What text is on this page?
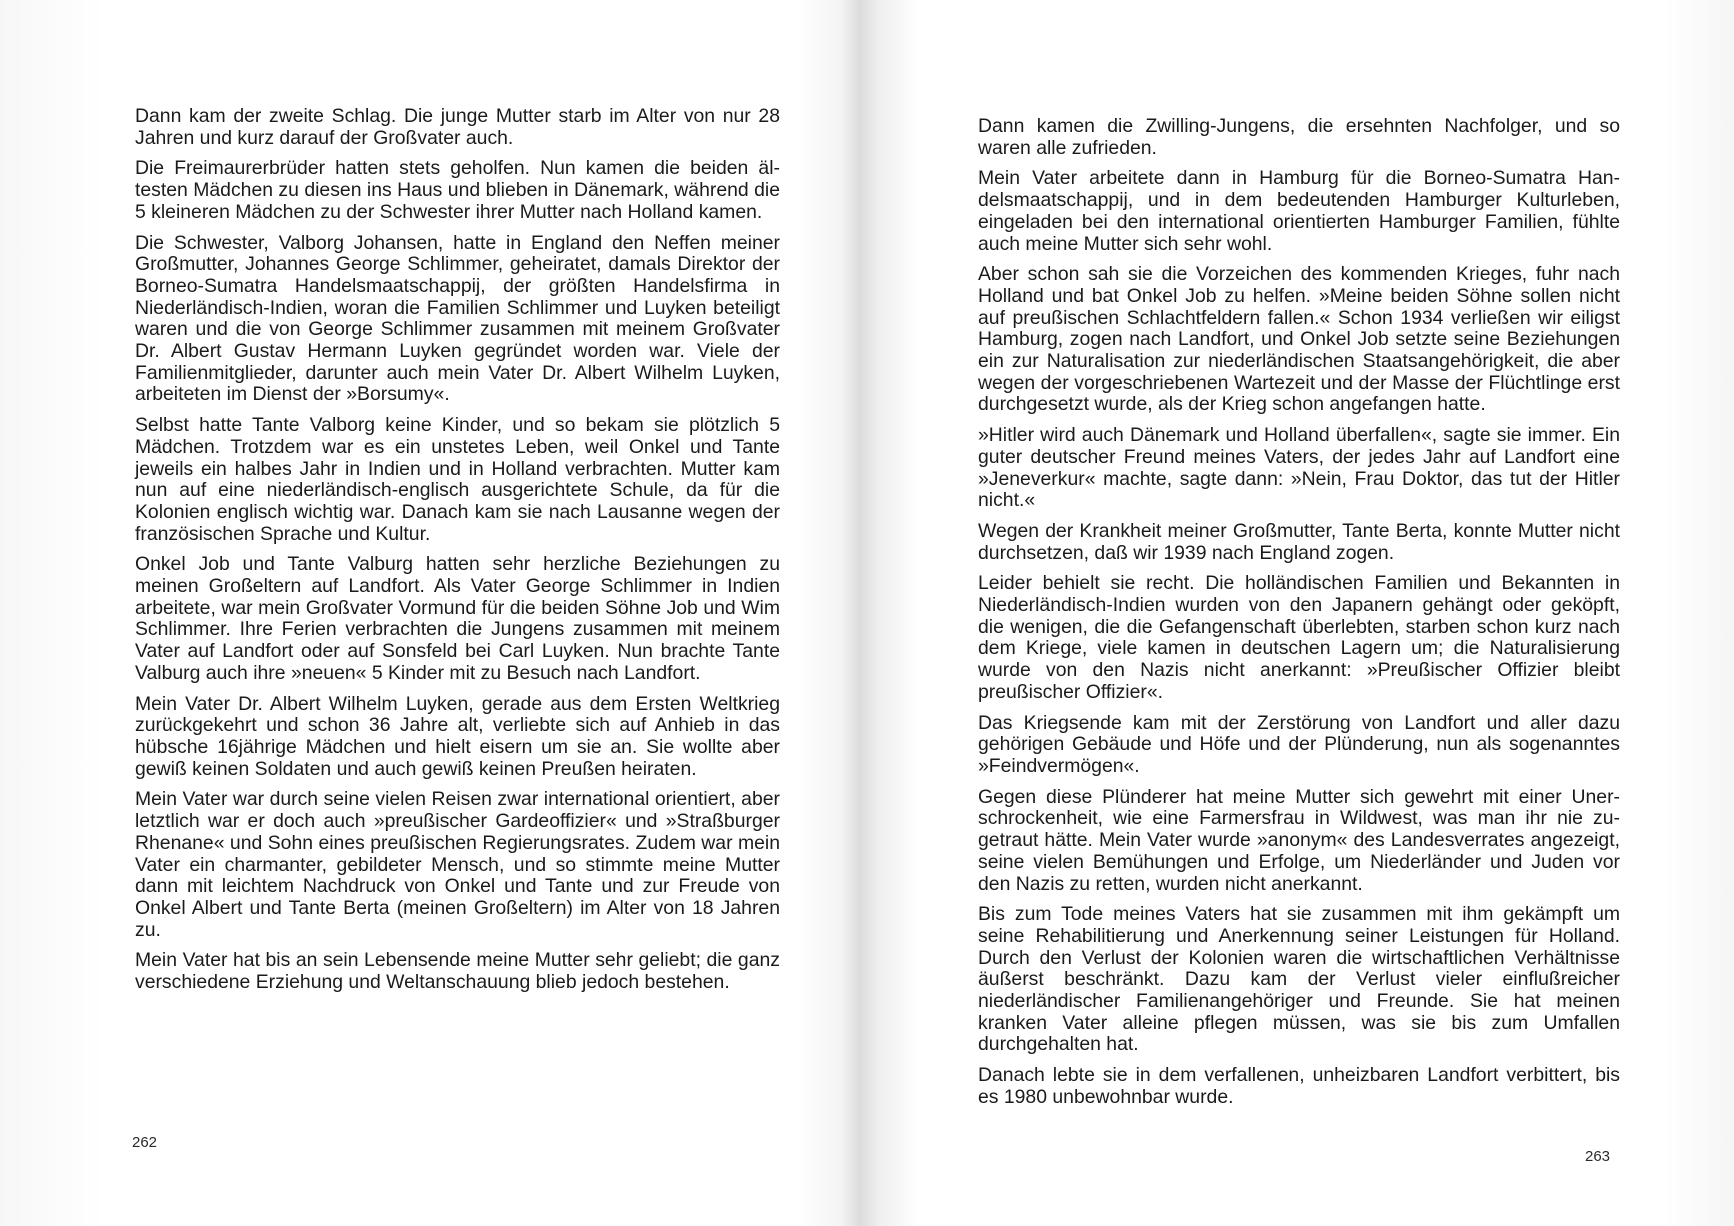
Dann kam der zweite Schlag. Die junge Mutter starb im Alter von nur 28 Jahren und kurz darauf der Großvater auch.

Die Freimaurerbrüder hatten stets geholfen. Nun kamen die beiden ältesten Mädchen zu diesen ins Haus und blieben in Dänemark, während die 5 kleineren Mädchen zu der Schwester ihrer Mutter nach Holland kamen.

Die Schwester, Valborg Johansen, hatte in England den Neffen meiner Großmutter, Johannes George Schlimmer, geheiratet, damals Direktor der Borneo-Sumatra Handelsmaatschappij, der größten Handelsfirma in Niederländisch-Indien, woran die Familien Schlimmer und Luyken beteiligt waren und die von George Schlimmer zusammen mit meinem Großvater Dr. Albert Gustav Hermann Luyken gegründet worden war. Viele der Familienmitglieder, darunter auch mein Vater Dr. Albert Wilhelm Luyken, arbeiteten im Dienst der »Borsumy«.

Selbst hatte Tante Valborg keine Kinder, und so bekam sie plötzlich 5 Mädchen. Trotzdem war es ein unstetes Leben, weil Onkel und Tante jeweils ein halbes Jahr in Indien und in Holland verbrachten. Mutter kam nun auf eine niederländisch-englisch ausgerichtete Schule, da für die Kolonien englisch wichtig war. Danach kam sie nach Lausanne wegen der französischen Sprache und Kultur.

Onkel Job und Tante Valburg hatten sehr herzliche Beziehungen zu meinen Großeltern auf Landfort. Als Vater George Schlimmer in Indien arbeitete, war mein Großvater Vormund für die beiden Söhne Job und Wim Schlimmer. Ihre Ferien verbrachten die Jungens zusammen mit meinem Vater auf Landfort oder auf Sonsfeld bei Carl Luyken. Nun brachte Tante Valburg auch ihre »neuen« 5 Kinder mit zu Besuch nach Landfort.

Mein Vater Dr. Albert Wilhelm Luyken, gerade aus dem Ersten Weltkrieg zurückgekehrt und schon 36 Jahre alt, verliebte sich auf Anhieb in das hübsche 16jährige Mädchen und hielt eisern um sie an. Sie wollte aber gewiß keinen Soldaten und auch gewiß keinen Preußen heiraten.

Mein Vater war durch seine vielen Reisen zwar international orientiert, aber letztlich war er doch auch »preußischer Gardeoffizier« und »Straßburger Rhenane« und Sohn eines preußischen Regierungsrates. Zudem war mein Vater ein charmanter, gebildeter Mensch, und so stimmte meine Mutter dann mit leichtem Nachdruck von Onkel und Tante und zur Freude von Onkel Albert und Tante Berta (meinen Großeltern) im Alter von 18 Jahren zu.

Mein Vater hat bis an sein Lebensende meine Mutter sehr geliebt; die ganz verschiedene Erziehung und Weltanschauung blieb jedoch bestehen.

262

Dann kamen die Zwilling-Jungens, die ersehnten Nachfolger, und so waren alle zufrieden.

Mein Vater arbeitete dann in Hamburg für die Borneo-Sumatra Handelsmaatschappij, und in dem bedeutenden Hamburger Kulturleben, eingeladen bei den international orientierten Hamburger Familien, fühlte auch meine Mutter sich sehr wohl.

Aber schon sah sie die Vorzeichen des kommenden Krieges, fuhr nach Holland und bat Onkel Job zu helfen. »Meine beiden Söhne sollen nicht auf preußischen Schlachtfeldern fallen.« Schon 1934 verließen wir eiligst Hamburg, zogen nach Landfort, und Onkel Job setzte seine Beziehungen ein zur Naturalisation zur niederländischen Staatsangehörigkeit, die aber wegen der vorgeschriebenen Wartezeit und der Masse der Flüchtlinge erst durchgesetzt wurde, als der Krieg schon angefangen hatte.

»Hitler wird auch Dänemark und Holland überfallen«, sagte sie immer. Ein guter deutscher Freund meines Vaters, der jedes Jahr auf Landfort eine »Jeneverkur« machte, sagte dann: »Nein, Frau Doktor, das tut der Hitler nicht.«

Wegen der Krankheit meiner Großmutter, Tante Berta, konnte Mutter nicht durchsetzen, daß wir 1939 nach England zogen.

Leider behielt sie recht. Die holländischen Familien und Bekannten in Niederländisch-Indien wurden von den Japanern gehängt oder geköpft, die wenigen, die die Gefangenschaft überlebten, starben schon kurz nach dem Kriege, viele kamen in deutschen Lagern um; die Naturalisierung wurde von den Nazis nicht anerkannt: »Preußischer Offizier bleibt preußischer Offizier«.

Das Kriegsende kam mit der Zerstörung von Landfort und aller dazu gehörigen Gebäude und Höfe und der Plünderung, nun als sogenanntes »Feindvermögen«.

Gegen diese Plünderer hat meine Mutter sich gewehrt mit einer Unerschrockenheit, wie eine Farmersfrau in Wildwest, was man ihr nie zugetraut hätte. Mein Vater wurde »anonym« des Landesverrates angezeigt, seine vielen Bemühungen und Erfolge, um Niederländer und Juden vor den Nazis zu retten, wurden nicht anerkannt.

Bis zum Tode meines Vaters hat sie zusammen mit ihm gekämpft um seine Rehabilitierung und Anerkennung seiner Leistungen für Holland. Durch den Verlust der Kolonien waren die wirtschaftlichen Verhältnisse äußerst beschränkt. Dazu kam der Verlust vieler einflußreicher niederländischer Familienangehöriger und Freunde. Sie hat meinen kranken Vater alleine pflegen müssen, was sie bis zum Umfallen durchgehalten hat.

Danach lebte sie in dem verfallenen, unheizbaren Landfort verbittert, bis es 1980 unbewohnbar wurde.

263
